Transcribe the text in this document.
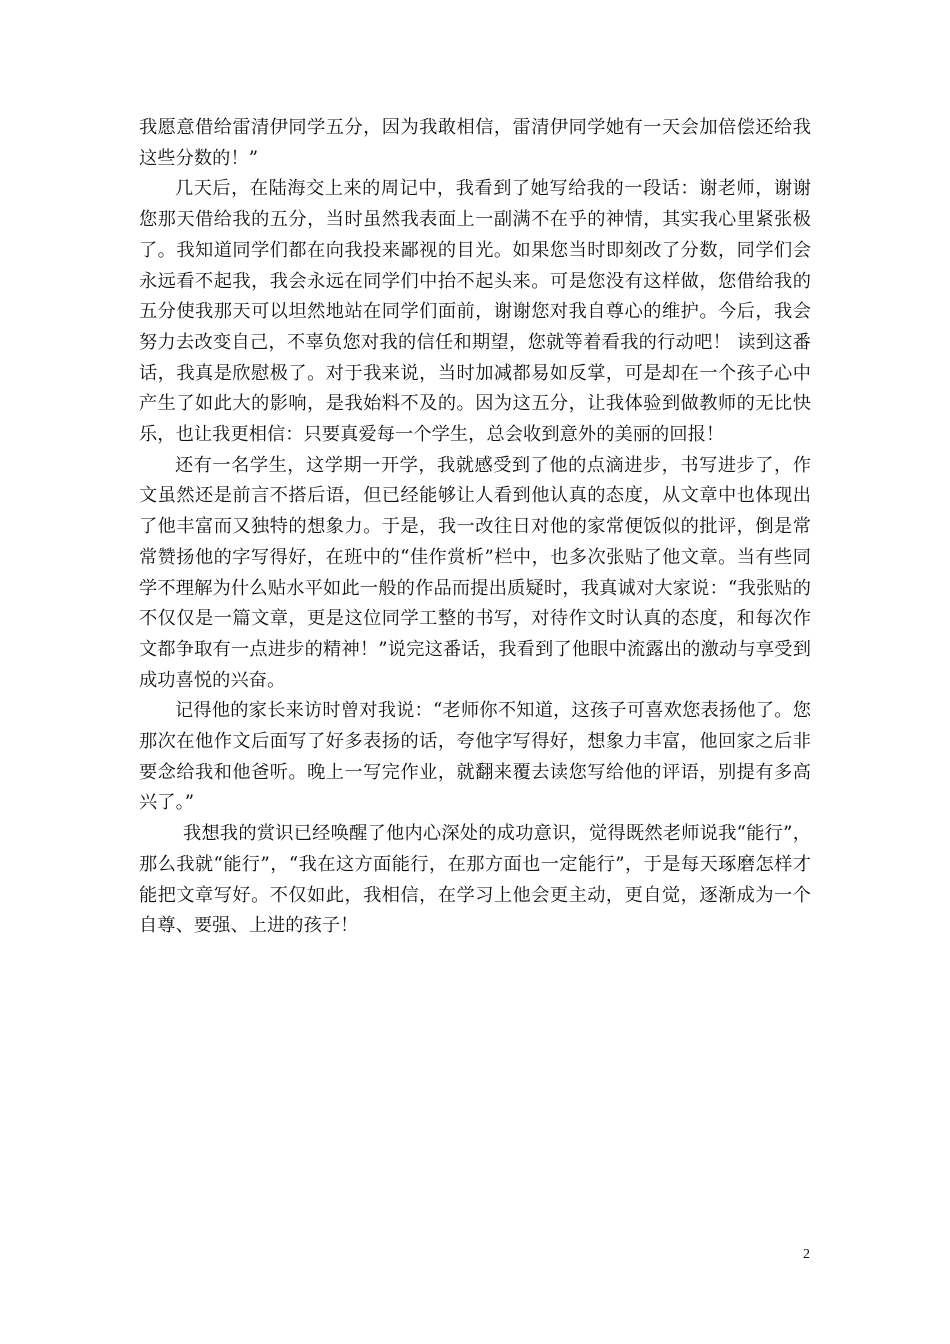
我愿意借给雷清伊同学五分，因为我敢相信，雷清伊同学她有一天会加倍偿还给我这些分数的！”

几天后，在陆海交上来的周记中，我看到了她写给我的一段话：谢老师，谢谢您那天借给我的五分，当时虽然我表面上一副满不在乎的神情，其实我心里紧张极了。我知道同学们都在向我投来鄙视的目光。如果您当时即刻改了分数，同学们会永远看不起我，我会永远在同学们中抬不起头来。可是您没有这样做，您借给我的五分使我那天可以坦然地站在同学们面前，谢谢您对我自尊心的维护。今后，我会努力去改变自己，不辜负您对我的信任和期望，您就等着看我的行动吧！ 读到这番话，我真是欣慰极了。对于我来说，当时加减都易如反掌，可是却在一个孩子心中产生了如此大的影响，是我始料不及的。因为这五分，让我体验到做教师的无比快乐，也让我更相信：只要真爱每一个学生，总会收到意外的美丽的回报！

还有一名学生，这学期一开学，我就感受到了他的点滴进步，书写进步了，作文虽然还是前言不搭后语，但已经能够让人看到他认真的态度，从文章中也体现出了他丰富而又独特的想象力。于是，我一改往日对他的家常便饭似的批评，倒是常常赞扬他的字写得好，在班中的“佳作赏析”栏中，也多次张贴了他文章。当有些同学不理解为什么贴水平如此一般的作品而提出质疑时，我真诚对大家说：“我张贴的不仅仅是一篇文章，更是这位同学工整的书写，对待作文时认真的态度，和每次作文都争取有一点进步的精神！”说完这番话，我看到了他眼中流露出的激动与享受到成功喜悦的兴奋。

记得他的家长来访时曾对我说：“老师你不知道，这孩子可喜欢您表扬他了。您那次在他作文后面写了好多表扬的话，夸他字写得好，想象力丰富，他回家之后非要念给我和他爸听。晚上一写完作业，就翻来覆去读您写给他的评语，别提有多高兴了。”

我想我的赏识已经唤醒了他内心深处的成功意识，觉得既然老师说我“能行”，那么我就“能行”，“我在这方面能行，在那方面也一定能行”，于是每天琢磨怎样才能把文章写好。不仅如此，我相信，在学习上他会更主动，更自觉，逐渐成为一个自尊、要强、上进的孩子！

2
